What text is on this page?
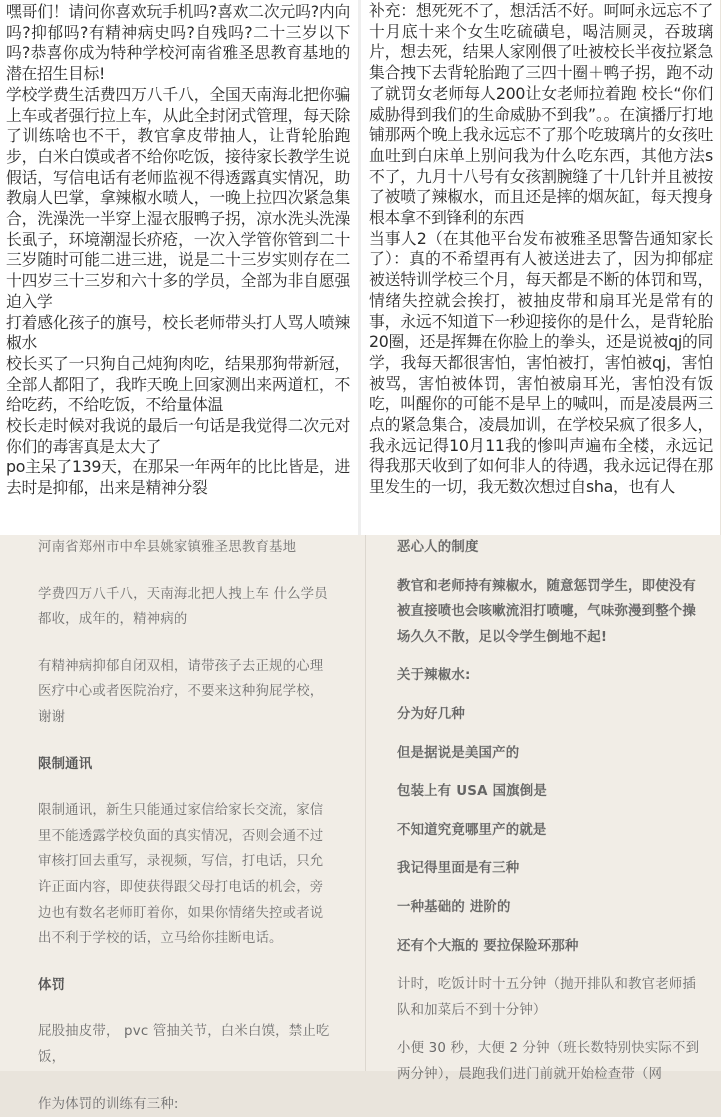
嘿哥们！请问你喜欢玩手机吗?喜欢二次元吗?内向吗?抑郁吗?有精神病史吗?自残吗?二十三岁以下吗?恭喜你成为特种学校河南省雅圣思教育基地的潜在招生目标!

学校学费生活费四万八千八，全国天南海北把你骗上车或者强行拉上车，从此全封闭式管理，每天除了训练啥也不干，教官拿皮带抽人，让背轮胎跑步，白米白馍或者不给你吃饭，接待家长教学生说假话，写信电话有老师监视不得透露真实情况，助教扇人巴掌，拿辣椒水喷人，一晚上拉四次紧急集合，洗澡洗一半穿上湿衣服鸭子拐，凉水洗头洗澡长虱子，环境潮湿长疥疮，一次入学管你管到二十三岁随时可能二进三进，说是二十三岁实则存在二十四岁三十三岁和六十多的学员，全部为非自愿强迫入学

打着感化孩子的旗号，校长老师带头打人骂人喷辣椒水

校长买了一只狗自己炖狗肉吃，结果那狗带新冠，全部人都阳了，我昨天晚上回家测出来两道杠，不给吃药，不给吃饭，不给量体温

校长走时候对我说的最后一句话是我觉得二次元对你们的毒害真是太大了

po主呆了139天，在那呆一年两年的比比皆是，进去时是抑郁，出来是精神分裂

补充：想死死不了，想活活不好。呵呵永远忘不了十月底十来个女生吃硫磺皂，喝洁厕灵，吞玻璃片，想去死，结果人家刚偎了吐被校长半夜拉紧急集合拽下去背轮胎跑了三四十圈＋鸭子拐，跑不动了就罚女老师每人200让女老师拉着跑 校长“你们威胁得到我们的生命威胁不到我”。。在演播厅打地铺那两个晚上我永远忘不了那个吃玻璃片的女孩吐血吐到白床单上别问我为什么吃东西，其他方法s不了，九月十八号有女孩割腕缝了十几针并且被按了被喷了辣椒水，而且还是摔的烟灰缸，每天搜身根本拿不到锋利的东西

当事人2（在其他平台发布被雅圣思警告通知家长了）：真的不希望再有人被送进去了，因为抑郁症被送特训学校三个月，每天都是不断的体罚和骂，情绪失控就会挨打，被抽皮带和扇耳光是常有的事，永远不知道下一秒迎接你的是什么，是背轮胎20圈，还是挥舞在你脸上的拳头，还是说被qj的同学，我每天都很害怕，害怕被打，害怕被qj，害怕被骂，害怕被体罚，害怕被扇耳光，害怕没有饭吃，叫醒你的可能不是早上的喊叫，而是凌晨两三点的紧急集合，凌晨加训，在学校呆疯了很多人，我永远记得10月11我的惨叫声遍布全楼，永远记得我那天收到了如何非人的待遇，我永远记得在那里发生的一切，我无数次想过自sha，也有人

河南省郑州市中牟县姚家镇雅圣思教育基地

学费四万八千八，天南海北把人拽上车 什么学员都收，成年的，精神病的

有精神病抑郁自闭双相，请带孩子去正规的心理医疗中心或者医院治疗，不要来这种狗屁学校，谢谢

限制通讯

限制通讯，新生只能通过家信给家长交流，家信里不能透露学校负面的真实情况，否则会通不过审核打回去重写，录视频，写信，打电话，只允许正面内容，即使获得跟父母打电话的机会，旁边也有数名老师盯着你，如果你情绪失控或者说出不利于学校的话，立马给你挂断电话。

体罚

屁股抽皮带， pvc 管抽关节，白米白馍，禁止吃饭，

作为体罚的训练有三种:

恶心人的制度

教官和老师持有辣椒水，随意惩罚学生，即使没有被直接喷也会咳嗽流泪打喷嚏，气味弥漫到整个操场久久不散，足以令学生倒地不起!

关于辣椒水:

分为好几种

但是据说是美国产的

包装上有 USA 国旗倒是

不知道究竟哪里产的就是

我记得里面是有三种

一种基础的 进阶的

还有个大瓶的 要拉保险环那种

计时，吃饭计时十五分钟（抛开排队和教官老师插队和加菜后不到十分钟）

小便 30 秒，大便 2 分钟（班长数特别快实际不到两分钟），晨跑我们进门前就开始检查带（网
